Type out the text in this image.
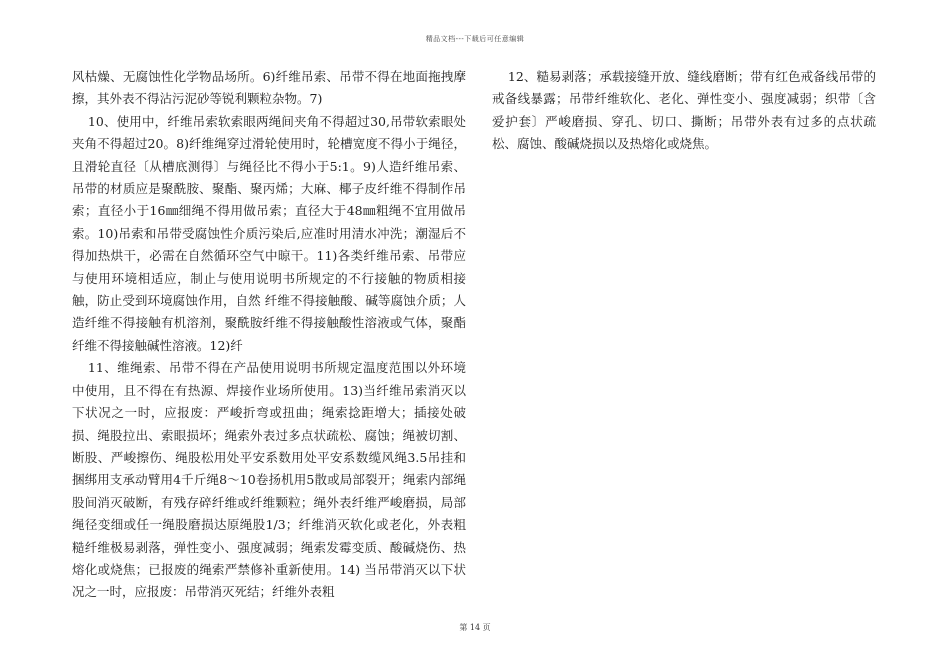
精品文档---下载后可任意编辑

风枯燥、无腐蚀性化学物品场所。6)纤维吊索、吊带不得在地面拖拽摩擦，其外表不得沾污泥砂等锐利颗粒杂物。7)

10、使用中，纤维吊索软索眼两绳间夹角不得超过30,吊带软索眼处夹角不得超过20。8)纤维绳穿过滑轮使用时，轮槽宽度不得小于绳径，且滑轮直径〔从槽底测得〕与绳径比不得小于5:1。9)人造纤维吊索、吊带的材质应是聚酰胺、聚酯、聚丙烯；大麻、椰子皮纤维不得制作吊索；直径小于16㎜细绳不得用做吊索；直径大于48㎜粗绳不宜用做吊索。10)吊索和吊带受腐蚀性介质污染后,应准时用清水冲洗；潮湿后不得加热烘干，必需在自然循环空气中晾干。11)各类纤维吊索、吊带应与使用环境相适应，制止与使用说明书所规定的不行接触的物质相接触，防止受到环境腐蚀作用，自然 纤维不得接触酸、碱等腐蚀介质；人造纤维不得接触有机溶剂，聚酰胺纤维不得接触酸性溶液或气体，聚酯纤维不得接触碱性溶液。12)纤

11、维绳索、吊带不得在产品使用说明书所规定温度范围以外环境中使用，且不得在有热源、焊接作业场所使用。13)当纤维吊索消灭以下状况之一时，应报废：严峻折弯或扭曲；绳索捻距增大；插接处破损、绳股拉出、索眼损坏；绳索外表过多点状疏松、腐蚀；绳被切割、断股、严峻擦伤、绳股松用处平安系数用处平安系数缆风绳3.5吊挂和捆绑用支承动臂用4千斤绳8～10卷扬机用5散或局部裂开；绳索内部绳股间消灭破断，有残存碎纤维或纤维颗粒；绳外表纤维严峻磨损，局部绳径变细或任一绳股磨损达原绳股1/3；纤维消灭软化或老化，外表粗糙纤维极易剥落，弹性变小、强度减弱；绳索发霉变质、酸碱烧伤、热熔化或烧焦；已报废的绳索严禁修补重新使用。14) 当吊带消灭以下状况之一时，应报废：吊带消灭死结；纤维外表粗

12、糙易剥落；承载接缝开放、缝线磨断；带有红色戒备线吊带的戒备线暴露；吊带纤维软化、老化、弹性变小、强度减弱；织带〔含爱护套〕严峻磨损、穿孔、切口、撕断；吊带外表有过多的点状疏松、腐蚀、酸碱烧损以及热熔化或烧焦。

第 14 页
